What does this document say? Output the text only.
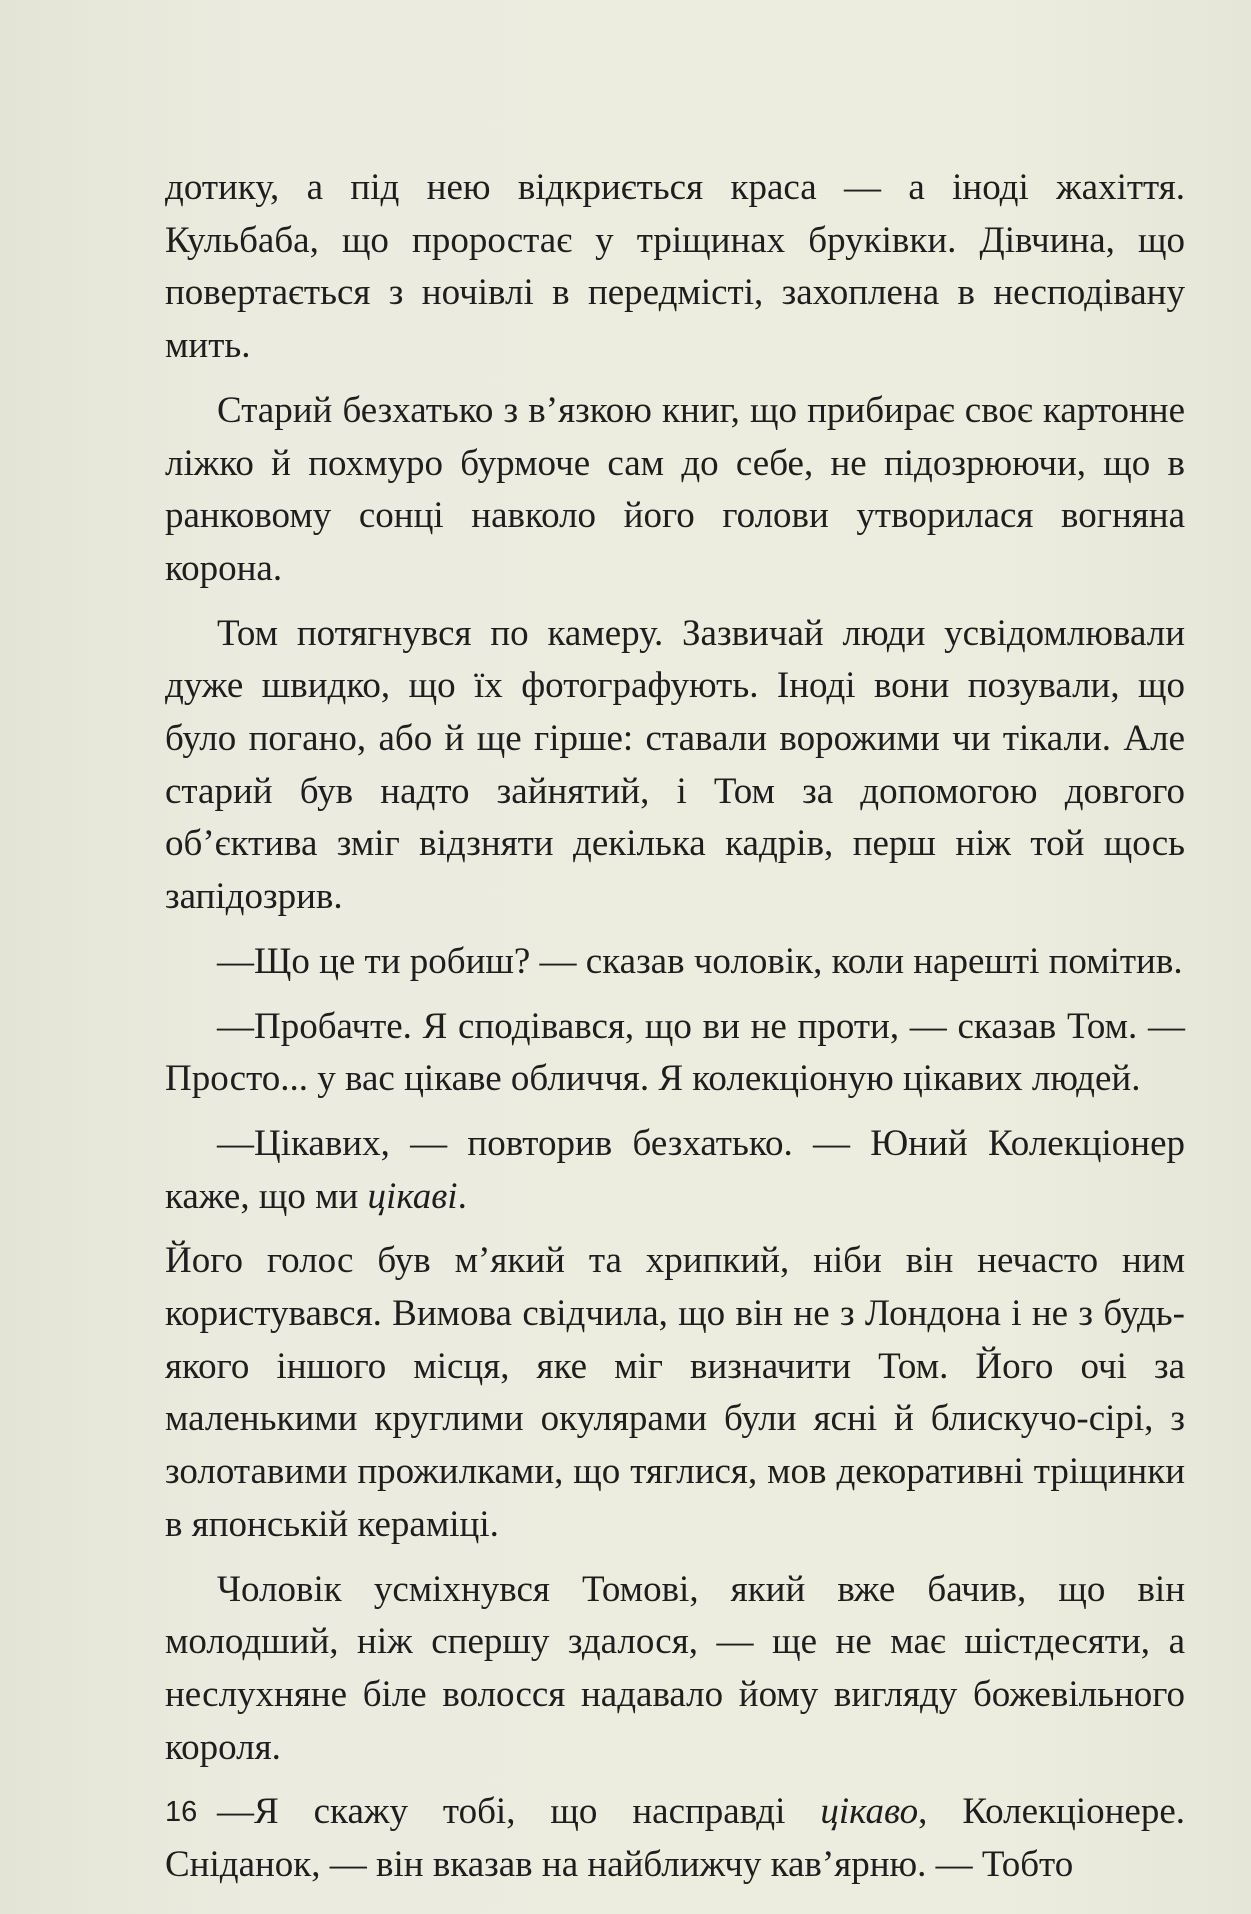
дотику, а під нею відкриється краса — а іноді жахіття. Кульбаба, що проростає у тріщинах бруківки. Дівчина, що повертається з ночівлі в передмісті, захоплена в несподівану мить.

Старий безхатько з в’язкою книг, що прибирає своє картонне ліжко й похмуро бурмоче сам до себе, не підозрюючи, що в ранковому сонці навколо його голови утворилася вогняна корона.

Том потягнувся по камеру. Зазвичай люди усвідомлювали дуже швидко, що їх фотографують. Іноді вони позували, що було погано, або й ще гірше: ставали ворожими чи тікали. Але старий був надто зайнятий, і Том за допомогою довгого об’єктива зміг відзняти декілька кадрів, перш ніж той щось запідозрив.

—Що це ти робиш? — сказав чоловік, коли нарешті помітив.

—Пробачте. Я сподівався, що ви не проти, — сказав Том. — Просто... у вас цікаве обличчя. Я колекціоную цікавих людей.

—Цікавих, — повторив безхатько. — Юний Колекціонер каже, що ми цікаві.

Його голос був м’який та хрипкий, ніби він нечасто ним користувався. Вимова свідчила, що він не з Лондона і не з будь-якого іншого місця, яке міг визначити Том. Його очі за маленькими круглими окулярами були ясні й блискучо-сірі, з золотавими прожилками, що тяглися, мов декоративні тріщинки в японській кераміці.

Чоловік усміхнувся Томові, який вже бачив, що він молодший, ніж спершу здалося, — ще не має шістдесяти, а неслухняне біле волосся надавало йому вигляду божевільного короля.

—Я скажу тобі, що насправді цікаво, Колекціонере. Сніданок, — він вказав на найближчу кав’ярню. — Тобто

16
